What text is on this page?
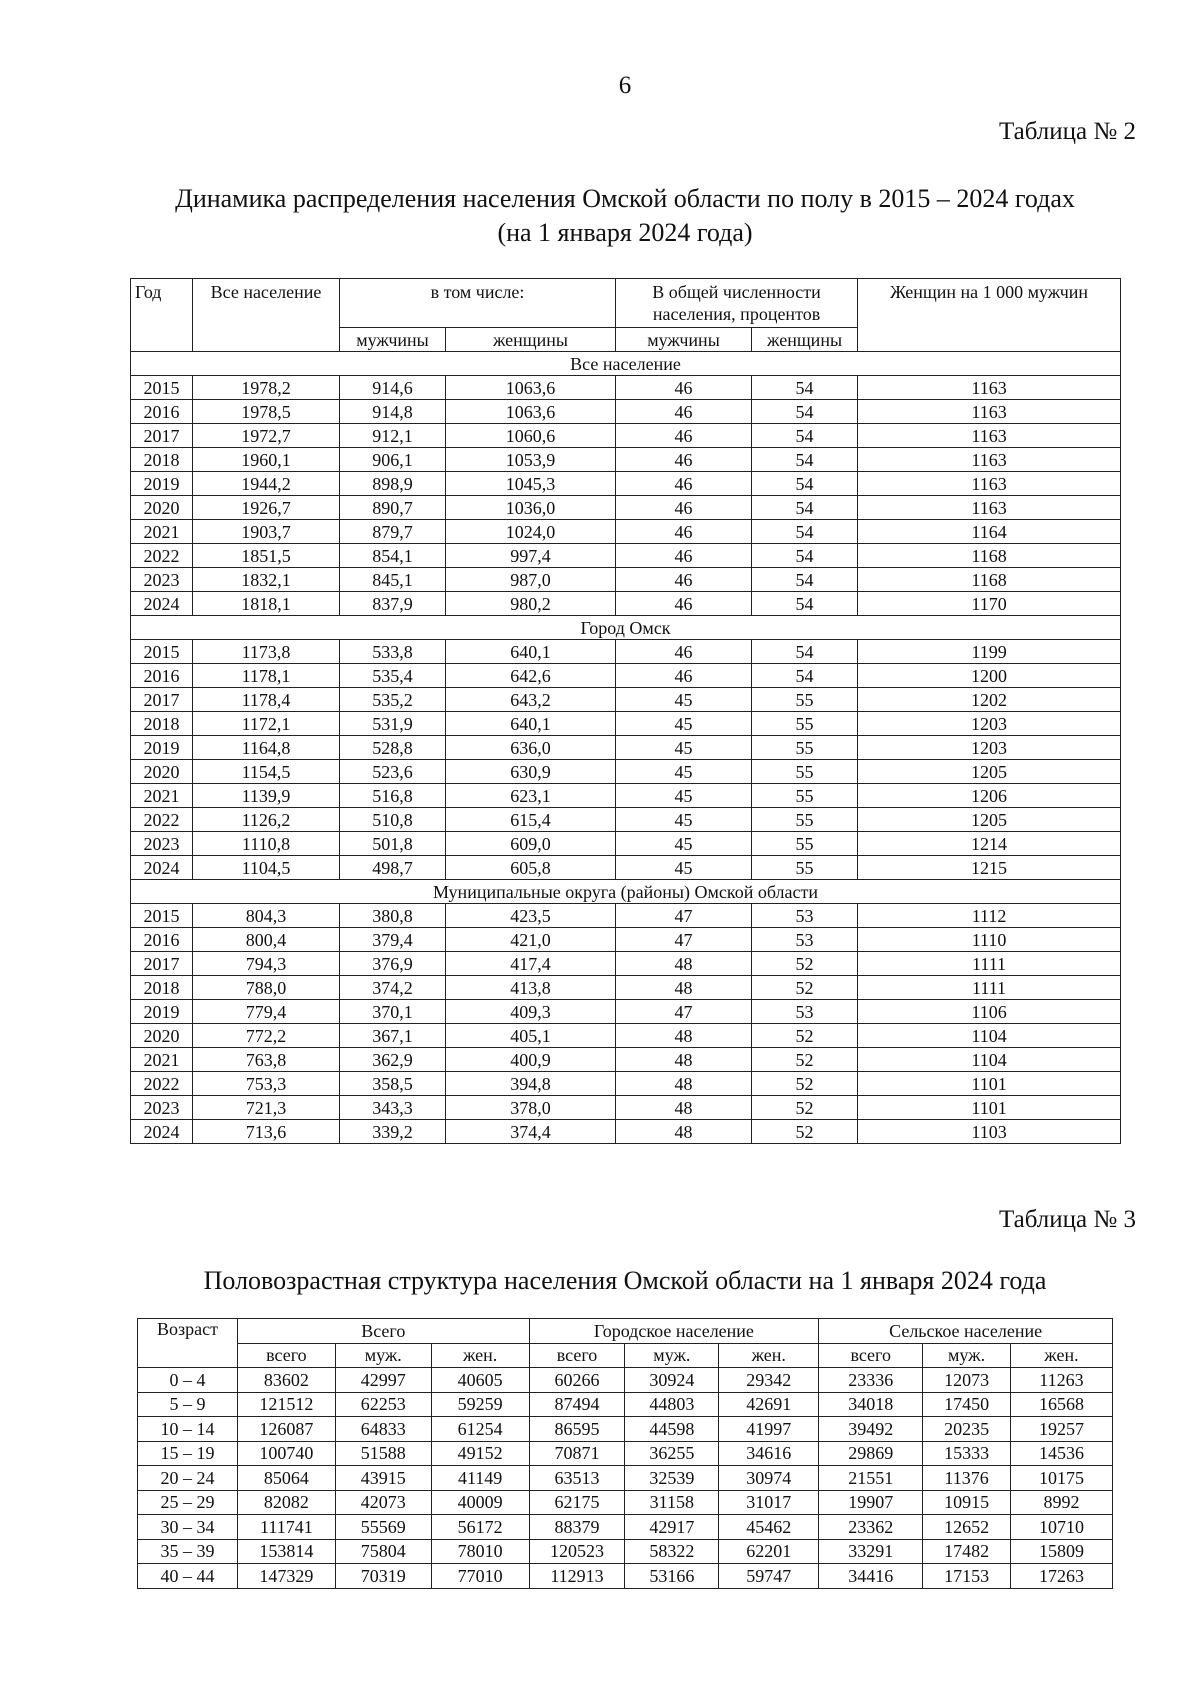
6
Таблица № 2
Динамика распределения населения Омской области по полу в 2015 – 2024 годах
(на 1 января 2024 года)
Год	Все население	в том числе:		В общей численности населения, процентов		Женщин на 1 000 мужчин
		мужчины	женщины	мужчины	женщины	
Все население						
2015	1978,2	914,6	1063,6	46	54	1163
2016	1978,5	914,8	1063,6	46	54	1163
2017	1972,7	912,1	1060,6	46	54	1163
2018	1960,1	906,1	1053,9	46	54	1163
2019	1944,2	898,9	1045,3	46	54	1163
2020	1926,7	890,7	1036,0	46	54	1163
2021	1903,7	879,7	1024,0	46	54	1164
2022	1851,5	854,1	997,4	46	54	1168
2023	1832,1	845,1	987,0	46	54	1168
2024	1818,1	837,9	980,2	46	54	1170
Город Омск						
2015	1173,8	533,8	640,1	46	54	1199
2016	1178,1	535,4	642,6	46	54	1200
2017	1178,4	535,2	643,2	45	55	1202
2018	1172,1	531,9	640,1	45	55	1203
2019	1164,8	528,8	636,0	45	55	1203
2020	1154,5	523,6	630,9	45	55	1205
2021	1139,9	516,8	623,1	45	55	1206
2022	1126,2	510,8	615,4	45	55	1205
2023	1110,8	501,8	609,0	45	55	1214
2024	1104,5	498,7	605,8	45	55	1215
Муниципальные округа (районы) Омской области						
2015	804,3	380,8	423,5	47	53	1112
2016	800,4	379,4	421,0	47	53	1110
2017	794,3	376,9	417,4	48	52	1111
2018	788,0	374,2	413,8	48	52	1111
2019	779,4	370,1	409,3	47	53	1106
2020	772,2	367,1	405,1	48	52	1104
2021	763,8	362,9	400,9	48	52	1104
2022	753,3	358,5	394,8	48	52	1101
2023	721,3	343,3	378,0	48	52	1101
2024	713,6	339,2	374,4	48	52	1103
Таблица № 3
Половозрастная структура населения Омской области на 1 января 2024 года
Возраст	Всего			Городское население			Сельское население		
	всего	муж.	жен.	всего	муж.	жен.	всего	муж.	жен.
0 – 4	83602	42997	40605	60266	30924	29342	23336	12073	11263
5 – 9	121512	62253	59259	87494	44803	42691	34018	17450	16568
10 – 14	126087	64833	61254	86595	44598	41997	39492	20235	19257
15 – 19	100740	51588	49152	70871	36255	34616	29869	15333	14536
20 – 24	85064	43915	41149	63513	32539	30974	21551	11376	10175
25 – 29	82082	42073	40009	62175	31158	31017	19907	10915	8992
30 – 34	111741	55569	56172	88379	42917	45462	23362	12652	10710
35 – 39	153814	75804	78010	120523	58322	62201	33291	17482	15809
40 – 44	147329	70319	77010	112913	53166	59747	34416	17153	17263
